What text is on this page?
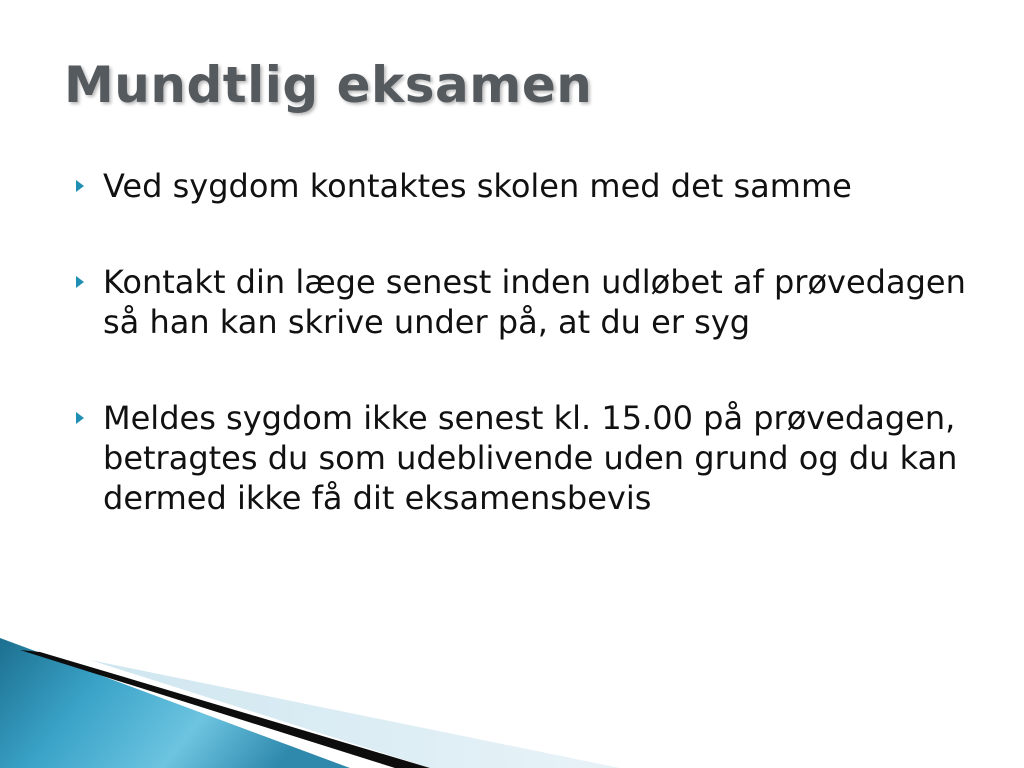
Mundtlig eksamen
Ved sygdom kontaktes skolen med det samme
Kontakt din læge senest inden udløbet af prøvedagen så han kan skrive under på, at du er syg
Meldes sygdom ikke senest kl. 15.00 på prøvedagen, betragtes du som udeblivende uden grund og du kan dermed ikke få dit eksamensbevis
